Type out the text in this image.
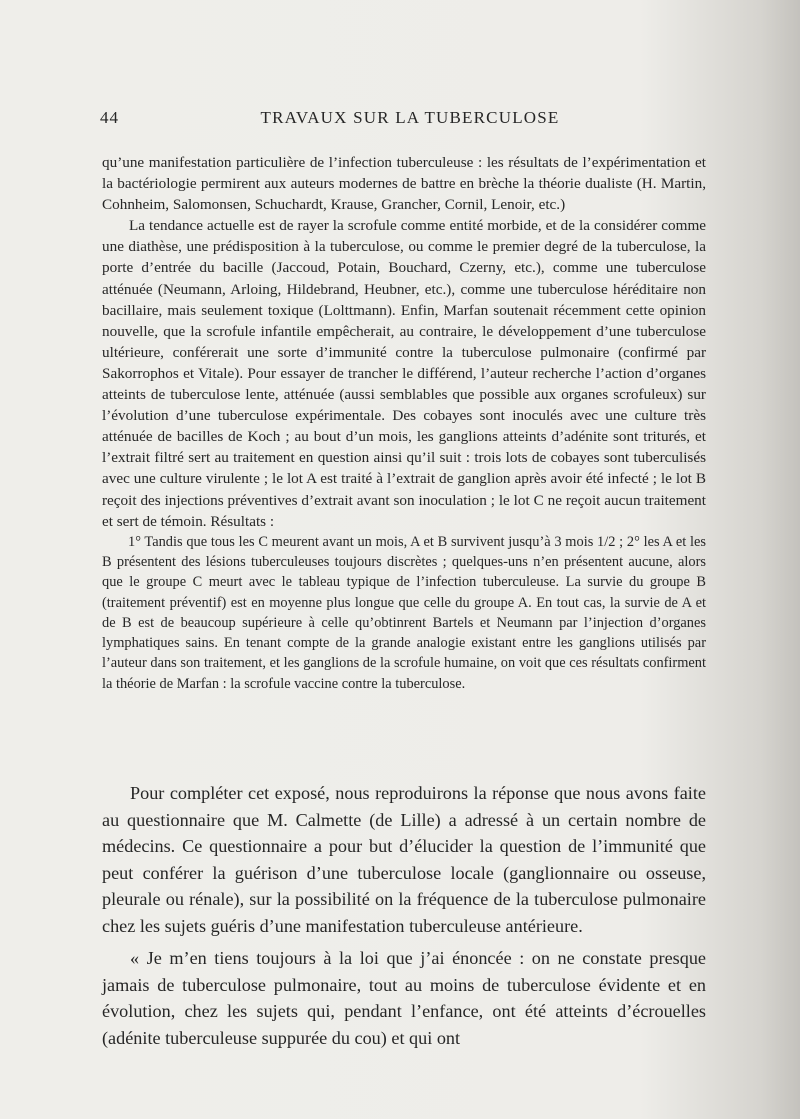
44	TRAVAUX SUR LA TUBERCULOSE

qu’une manifestation particulière de l’infection tuberculeuse : les résultats de l’expérimentation et la bactériologie permirent aux auteurs modernes de battre en brèche la théorie dualiste (H. Martin, Cohnheim, Salomonsen, Schuchardt, Krause, Grancher, Cornil, Lenoir, etc.)

La tendance actuelle est de rayer la scrofule comme entité morbide, et de la considérer comme une diathèse, une prédisposition à la tuberculose, ou comme le premier degré de la tuberculose, la porte d’entrée du bacille (Jaccoud, Potain, Bouchard, Czerny, etc.), comme une tuberculose atténuée (Neumann, Arloing, Hildebrand, Heubner, etc.), comme une tuberculose héréditaire non bacillaire, mais seulement toxique (Lolttmann). Enfin, Marfan soutenait récemment cette opinion nouvelle, que la scrofule infantile empêcherait, au contraire, le développement d’une tuberculose ultérieure, conférerait une sorte d’immunité contre la tuberculose pulmonaire (confirmé par Sakorrophos et Vitale). Pour essayer de trancher le différend, l’auteur recherche l’action d’organes atteints de tuberculose lente, atténuée (aussi semblables que possible aux organes scrofuleux) sur l’évolution d’une tuberculose expérimentale. Des cobayes sont inoculés avec une culture très atténuée de bacilles de Koch ; au bout d’un mois, les ganglions atteints d’adénite sont triturés, et l’extrait filtré sert au traitement en question ainsi qu’il suit : trois lots de cobayes sont tuberculisés avec une culture virulente ; le lot A est traité à l’extrait de ganglion après avoir été infecté ; le lot B reçoit des injections préventives d’extrait avant son inoculation ; le lot C ne reçoit aucun traitement et sert de témoin. Résultats :

1° Tandis que tous les C meurent avant un mois, A et B survivent jusqu’à 3 mois 1/2 ; 2° les A et les B présentent des lésions tuberculeuses toujours discrètes ; quelques-uns n’en présentent aucune, alors que le groupe C meurt avec le tableau typique de l’infection tuberculeuse. La survie du groupe B (traitement préventif) est en moyenne plus longue que celle du groupe A. En tout cas, la survie de A et de B est de beaucoup supérieure à celle qu’obtinrent Bartels et Neumann par l’injection d’organes lymphatiques sains. En tenant compte de la grande analogie existant entre les ganglions utilisés par l’auteur dans son traitement, et les ganglions de la scrofule humaine, on voit que ces résultats confirment la théorie de Marfan : la scrofule vaccine contre la tuberculose.

Pour compléter cet exposé, nous reproduirons la réponse que nous avons faite au questionnaire que M. Calmette (de Lille) a adressé à un certain nombre de médecins. Ce questionnaire a pour but d’élucider la question de l’immunité que peut conférer la guérison d’une tuberculose locale (ganglionnaire ou osseuse, pleurale ou rénale), sur la possibilité on la fréquence de la tuberculose pulmonaire chez les sujets guéris d’une manifestation tuberculeuse antérieure.

« Je m’en tiens toujours à la loi que j’ai énoncée : on ne constate presque jamais de tuberculose pulmonaire, tout au moins de tuberculose évidente et en évolution, chez les sujets qui, pendant l’enfance, ont été atteints d’écrouelles (adénite tuberculeuse suppurée du cou) et qui ont
